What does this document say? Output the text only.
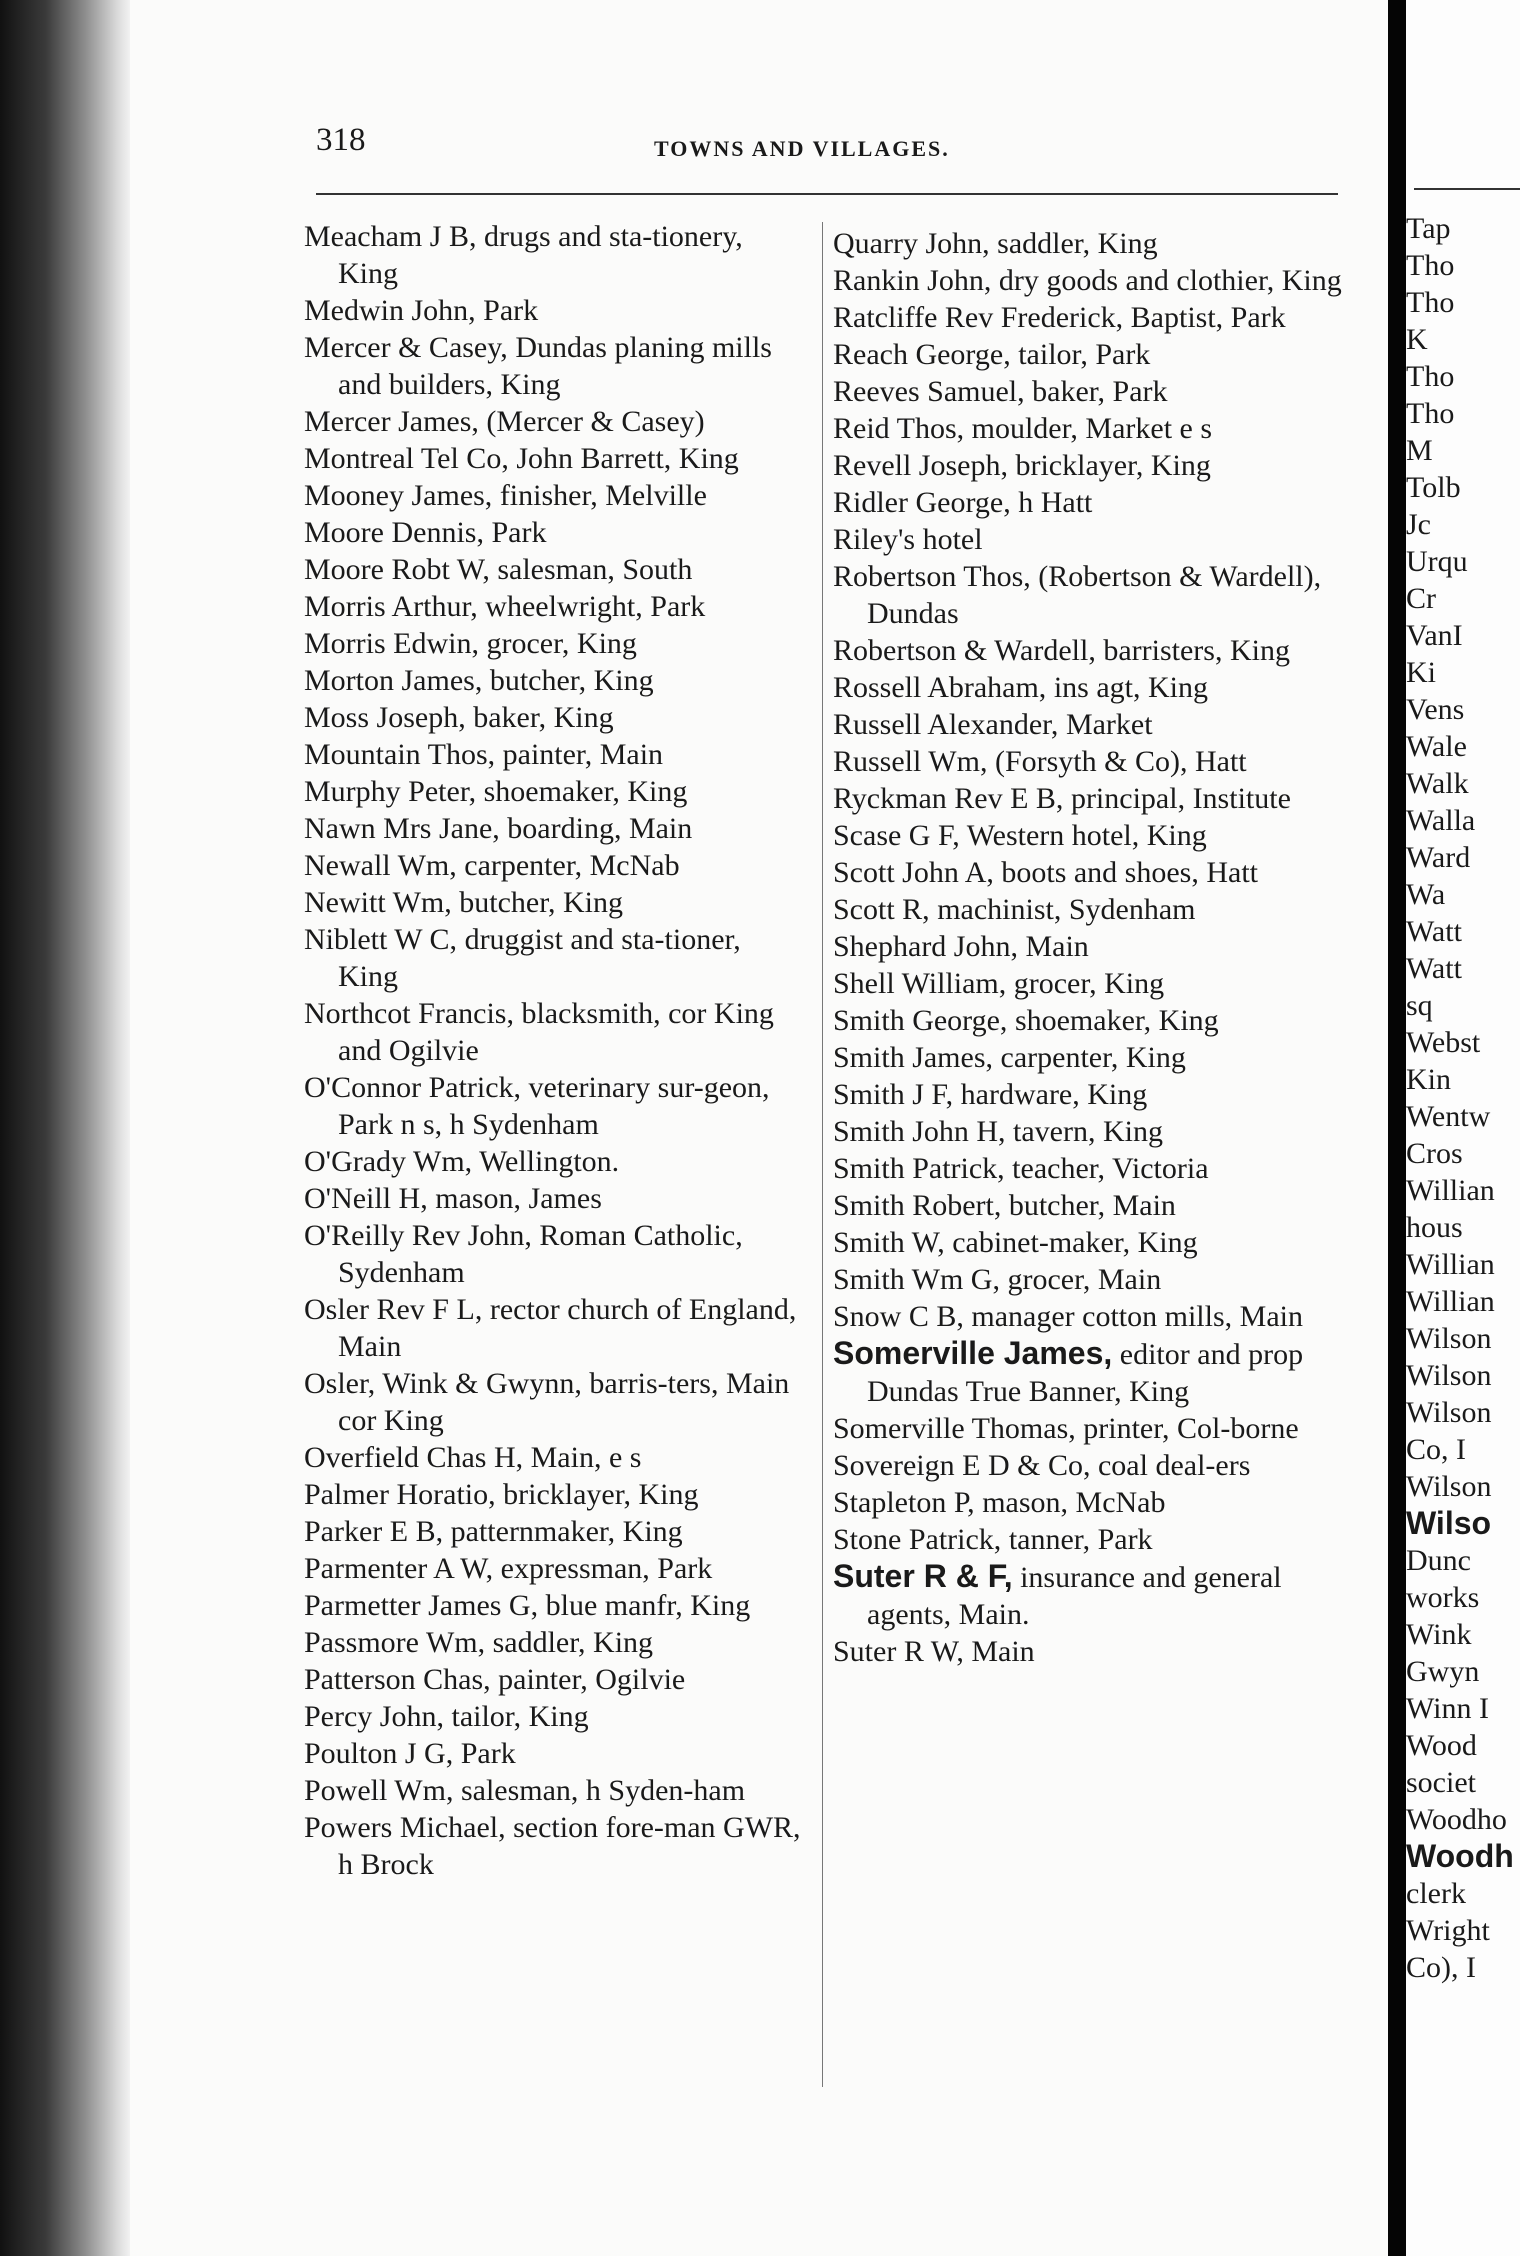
Tap
Tho
Tho
K
Tho
Tho
M
Tolb
Jc
Urqu
Cr
VanI
Ki
Vens
Wale
Walk
Walla
Ward
Wa
Watt
Watt
sq
Webst
Kin
Wentw
Cros
Willian
hous
Willian
Willian
Wilson
Wilson
Wilson
Co, I
Wilson
Wilso
Dunc
works
Wink
Gwyn
Winn I
Wood
societ
Woodho
Woodh
clerk
Wright
Co), I
318	TOWNS AND VILLAGES.
Meacham J B, drugs and sta-tionery, King
Medwin John, Park
Mercer & Casey, Dundas planing mills and builders, King
Mercer James, (Mercer & Casey)
Montreal Tel Co, John Barrett, King
Mooney James, finisher, Melville
Moore Dennis, Park
Moore Robt W, salesman, South
Morris Arthur, wheelwright, Park
Morris Edwin, grocer, King
Morton James, butcher, King
Moss Joseph, baker, King
Mountain Thos, painter, Main
Murphy Peter, shoemaker, King
Nawn Mrs Jane, boarding, Main
Newall Wm, carpenter, McNab
Newitt Wm, butcher, King
Niblett W C, druggist and sta-tioner, King
Northcot Francis, blacksmith, cor King and Ogilvie
O'Connor Patrick, veterinary sur-geon, Park n s, h Sydenham
O'Grady Wm, Wellington.
O'Neill H, mason, James
O'Reilly Rev John, Roman Catholic, Sydenham
Osler Rev F L, rector church of England, Main
Osler, Wink & Gwynn, barris-ters, Main cor King
Overfield Chas H, Main, e s
Palmer Horatio, bricklayer, King
Parker E B, patternmaker, King
Parmenter A W, expressman, Park
Parmetter James G, blue manfr, King
Passmore Wm, saddler, King
Patterson Chas, painter, Ogilvie
Percy John, tailor, King
Poulton J G, Park
Powell Wm, salesman, h Syden-ham
Powers Michael, section fore-man GWR, h Brock
Quarry John, saddler, King
Rankin John, dry goods and clothier, King
Ratcliffe Rev Frederick, Baptist, Park
Reach George, tailor, Park
Reeves Samuel, baker, Park
Reid Thos, moulder, Market e s
Revell Joseph, bricklayer, King
Ridler George, h Hatt
Riley's hotel
Robertson Thos, (Robertson & Wardell), Dundas
Robertson & Wardell, barristers, King
Rossell Abraham, ins agt, King
Russell Alexander, Market
Russell Wm, (Forsyth & Co), Hatt
Ryckman Rev E B, principal, Institute
Scase G F, Western hotel, King
Scott John A, boots and shoes, Hatt
Scott R, machinist, Sydenham
Shephard John, Main
Shell William, grocer, King
Smith George, shoemaker, King
Smith James, carpenter, King
Smith J F, hardware, King
Smith John H, tavern, King
Smith Patrick, teacher, Victoria
Smith Robert, butcher, Main
Smith W, cabinet-maker, King
Smith Wm G, grocer, Main
Snow C B, manager cotton mills, Main
Somerville James, editor and prop Dundas True Banner, King
Somerville Thomas, printer, Col-borne
Sovereign E D & Co, coal deal-ers
Stapleton P, mason, McNab
Stone Patrick, tanner, Park
Suter R & F, insurance and general agents, Main.
Suter R W, Main
